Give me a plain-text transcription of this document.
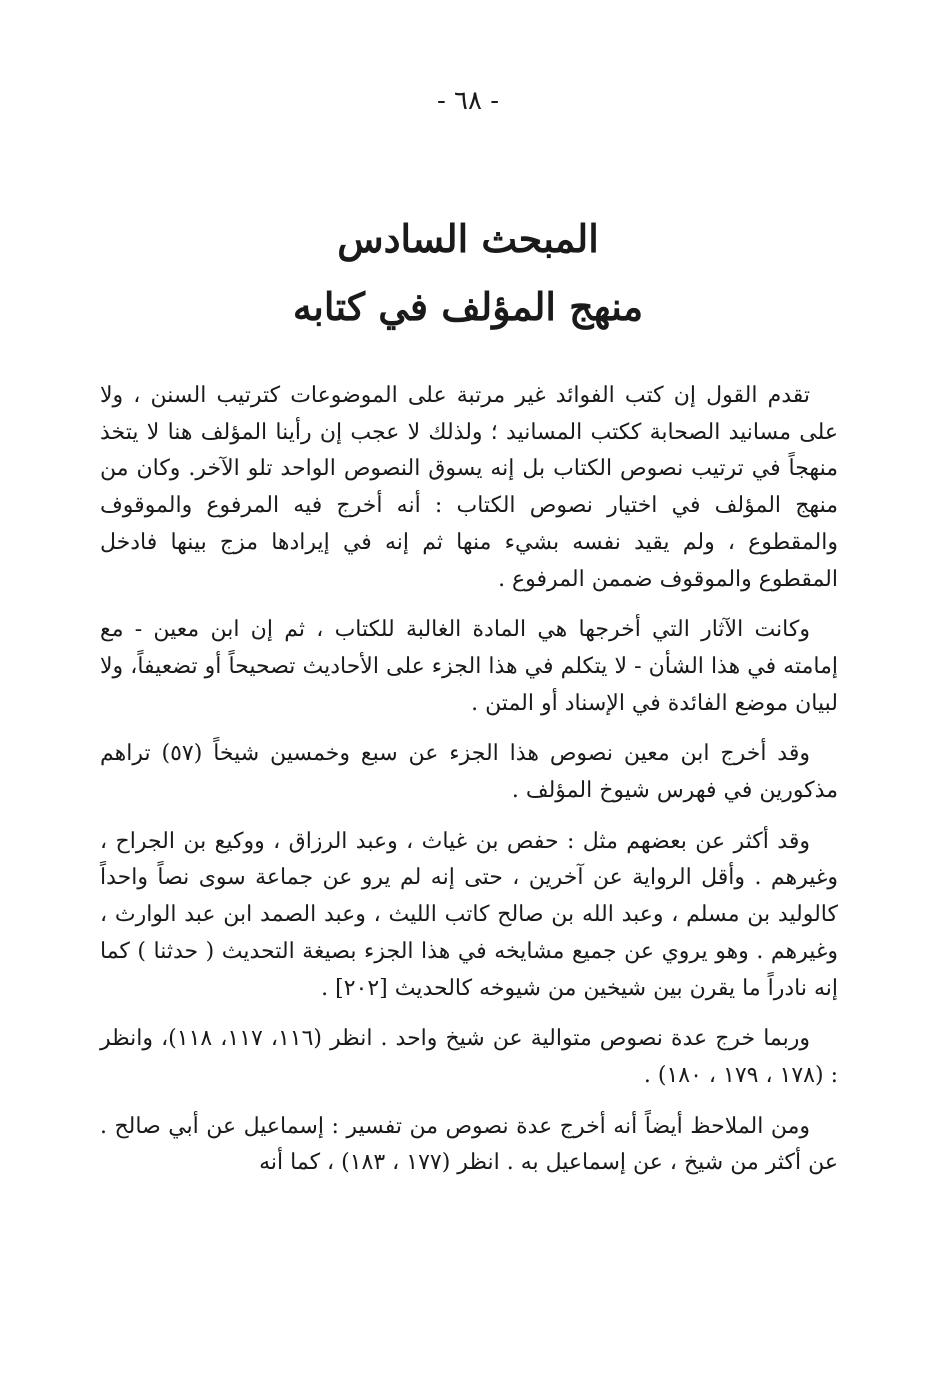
- ٦٨ -

المبحث السادس

منهج المؤلف في كتابه

تقدم القول إن كتب الفوائد غير مرتبة على الموضوعات كترتيب السنن ، ولا على مسانيد الصحابة ككتب المسانيد ؛ ولذلك لا عجب إن رأينا المؤلف هنا لا يتخذ منهجاً في ترتيب نصوص الكتاب بل إنه يسوق النصوص الواحد تلو الآخر. وكان من منهج المؤلف في اختيار نصوص الكتاب : أنه أخرج فيه المرفوع والموقوف والمقطوع ، ولم يقيد نفسه بشيء منها ثم إنه في إيرادها مزج بينها فادخل المقطوع والموقوف ضممن المرفوع .

وكانت الآثار التي أخرجها هي المادة الغالبة للكتاب ، ثم إن ابن معين - مع إمامته في هذا الشأن - لا يتكلم في هذا الجزء على الأحاديث تصحيحاً أو تضعيفاً، ولا لبيان موضع الفائدة في الإسناد أو المتن .

وقد أخرج ابن معين نصوص هذا الجزء عن سبع وخمسين شيخاً (٥٧) تراهم مذكورين في فهرس شيوخ المؤلف .

وقد أكثر عن بعضهم مثل : حفص بن غياث ، وعبد الرزاق ، ووكيع بن الجراح ، وغيرهم . وأقل الرواية عن آخرين ، حتى إنه لم يرو عن جماعة سوى نصاً واحداً كالوليد بن مسلم ، وعبد الله بن صالح كاتب الليث ، وعبد الصمد ابن عبد الوارث ، وغيرهم . وهو يروي عن جميع مشايخه في هذا الجزء بصيغة التحديث ( حدثنا ) كما إنه نادراً ما يقرن بين شيخين من شيوخه كالحديث [٢٠٢] .

وربما خرج عدة نصوص متوالية عن شيخ واحد . انظر (١١٦، ١١٧، ١١٨)، وانظر : (١٧٨ ، ١٧٩ ، ١٨٠) .

ومن الملاحظ أيضاً أنه أخرج عدة نصوص من تفسير : إسماعيل عن أبي صالح . عن أكثر من شيخ ، عن إسماعيل به . انظر (١٧٧ ، ١٨٣) ، كما أنه
